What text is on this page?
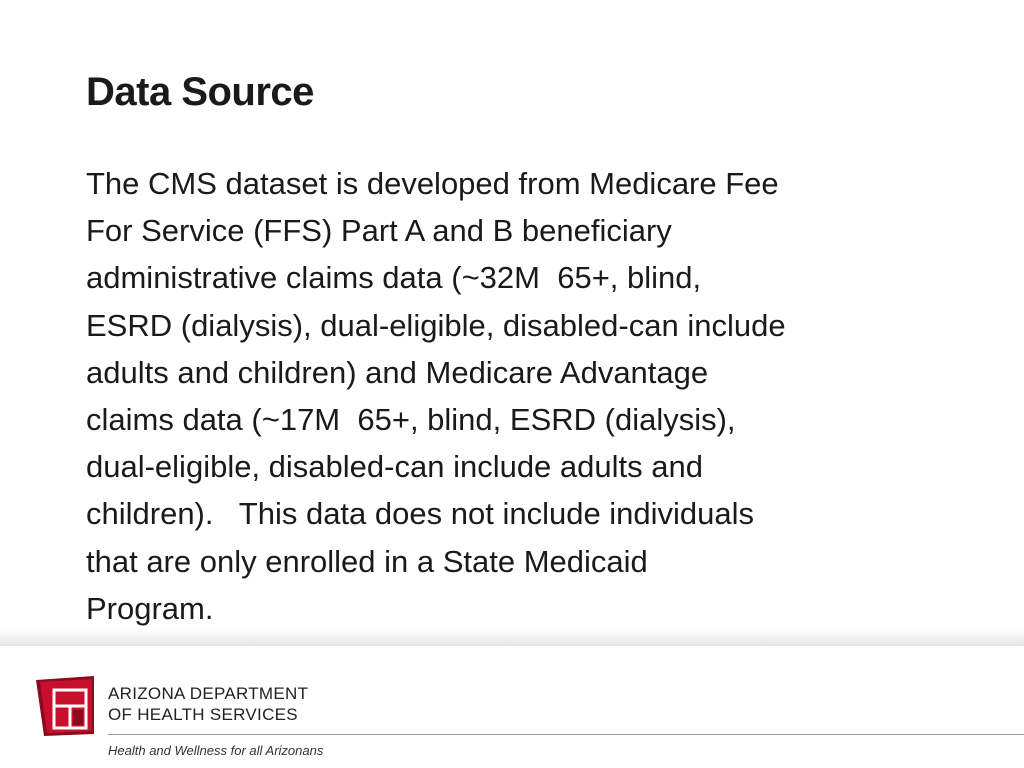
Data Source

The CMS dataset is developed from Medicare Fee
For Service (FFS) Part A and B beneficiary
administrative claims data (~32M  65+, blind,
ESRD (dialysis), dual-eligible, disabled-can include
adults and children) and Medicare Advantage
claims data (~17M  65+, blind, ESRD (dialysis),
dual-eligible, disabled-can include adults and
children).   This data does not include individuals
that are only enrolled in a State Medicaid
Program.

ARIZONA DEPARTMENT
OF HEALTH SERVICES

Health and Wellness for all Arizonans
